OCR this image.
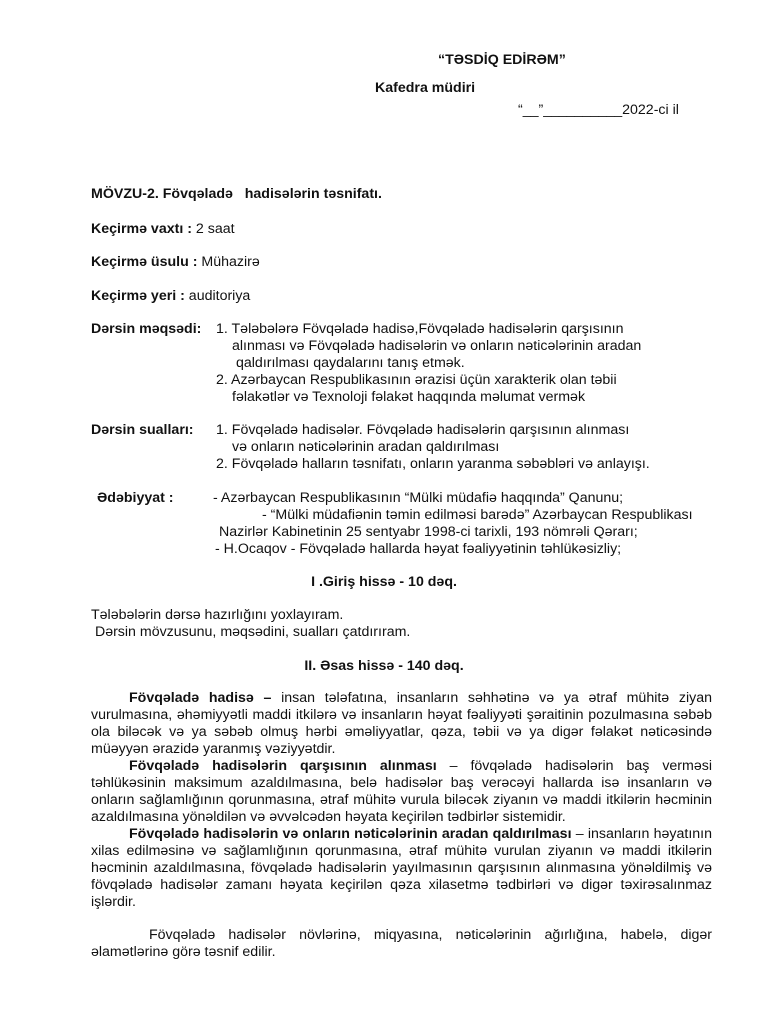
“TƏSDİQ EDİRƏM”
Kafedra müdiri
“__”__________2022-ci il
MÖVZU-2. Fövqəladə   hadisələrin təsnifatı.
Keçirmə vaxtı : 2 saat
Keçirmə üsulu : Mühazirə
Keçirmə yeri : auditoriya
Dərsin məqsədi: 1. Tələbələrə Fövqəladə hadisə,Fövqəladə hadisələrin qarşısının
alınması və Fövqəladə hadisələrin və onların nəticələrinin aradan
qaldırılması qaydalarını tanış etmək.
2. Azərbaycan Respublikasının ərazisi üçün xarakterik olan təbii
fəlakətlər və Texnoloji fəlakət haqqında məlumat vermək
Dərsin sualları: 1. Fövqəladə hadisələr. Fövqəladə hadisələrin qarşısının alınması
və onların nəticələrinin aradan qaldırılması
2. Fövqəladə halların təsnifatı, onların yaranma səbəbləri və anlayışı.
Ədəbiyyat :	- Azərbaycan Respublikasının “Mülki müdafiə haqqında” Qanunu;
- “Mülki müdafiənin təmin edilməsi barədə” Azərbaycan Respublikası
Nazirlər Kabinetinin 25 sentyabr 1998-ci tarixli, 193 nömrəli Qərarı;
- H.Ocaqov - Fövqəladə hallarda həyat fəaliyyətinin təhlükəsizliy;
I .Giriş hissə - 10 dəq.
Tələbələrin dərsə hazırlığını yoxlayıram.
Dərsin mövzusunu, məqsədini, sualları çatdırıram.
II. Əsas hissə - 140 dəq.
Fövqəladə hadisə – insan tələfatına, insanların səhhətinə və ya ətraf mühitə ziyan vurulmasına, əhəmiyyətli maddi itkilərə və insanların həyat fəaliyyəti şəraitinin pozulmasına səbəb ola biləcək və ya səbəb olmuş hərbi əməliyyatlar, qəza, təbii və ya digər fəlakət nəticəsində müəyyən ərazidə yaranmış vəziyyətdir.
Fövqəladə hadisələrin qarşısının alınması – fövqəladə hadisələrin baş verməsi təhlükəsinin maksimum azaldılmasına, belə hadisələr baş verəcəyi hallarda isə insanların və onların sağlamlığının qorunmasına, ətraf mühitə vurula biləcək ziyanın və maddi itkilərin həcminin azaldılmasına yönəldilən və əvvəlcədən həyata keçirilən tədbirlər sistemidir.
Fövqəladə hadisələrin və onların nəticələrinin aradan qaldırılması – insanların həyatının xilas edilməsinə və sağlamlığının qorunmasına, ətraf mühitə vurulan ziyanın və maddi itkilərin həcminin azaldılmasına, fövqəladə hadisələrin yayılmasının qarşısının alınmasına yönəldilmiş və fövqəladə hadisələr zamanı həyata keçirilən qəza xilasetmə tədbirləri və digər təxirəsalınmaz işlərdir.
Fövqəladə hadisələr növlərinə, miqyasına, nəticələrinin ağırlığına, habelə, digər əlamətlərinə görə təsnif edilir.
